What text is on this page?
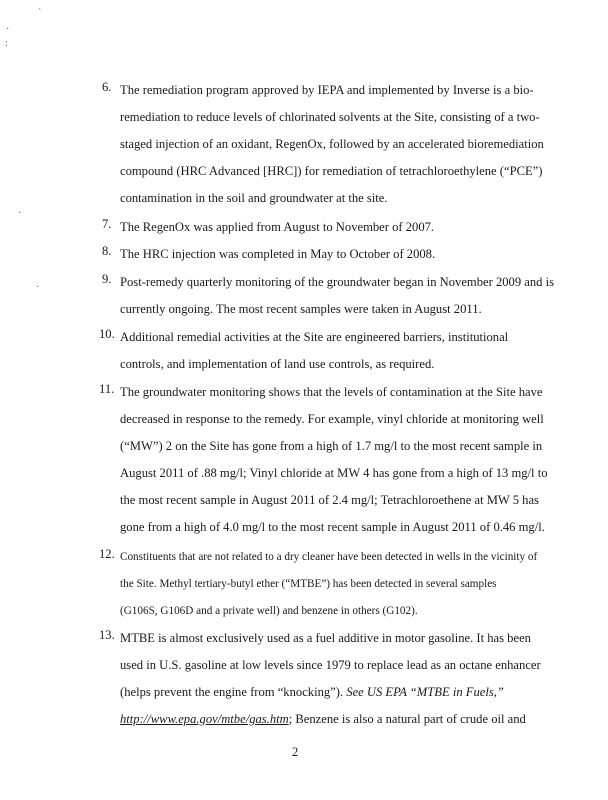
`
·
:
·
·
6. The remediation program approved by IEPA and implemented by Inverse is a bio-
remediation to reduce levels of chlorinated solvents at the Site, consisting of a two-
staged injection of an oxidant, RegenOx, followed by an accelerated bioremediation
compound (HRC Advanced [HRC]) for remediation of tetrachloroethylene (“PCE”)
contamination in the soil and groundwater at the site.
7. The RegenOx was applied from August to November of 2007.
8. The HRC injection was completed in May to October of 2008.
9. Post-remedy quarterly monitoring of the groundwater began in November 2009 and is
currently ongoing. The most recent samples were taken in August 2011.
10. Additional remedial activities at the Site are engineered barriers, institutional
controls, and implementation of land use controls, as required.
11. The groundwater monitoring shows that the levels of contamination at the Site have
decreased in response to the remedy. For example, vinyl chloride at monitoring well
(“MW”) 2 on the Site has gone from a high of 1.7 mg/l to the most recent sample in
August 2011 of .88 mg/l; Vinyl chloride at MW 4 has gone from a high of 13 mg/l to
the most recent sample in August 2011 of 2.4 mg/l; Tetrachloroethene at MW 5 has
gone from a high of 4.0 mg/l to the most recent sample in August 2011 of 0.46 mg/l.
12. Constituents that are not related to a dry cleaner have been detected in wells in the vicinity of
the Site. Methyl tertiary-butyl ether (“MTBE”) has been detected in several samples
(G106S, G106D and a private well) and benzene in others (G102).
13. MTBE is almost exclusively used as a fuel additive in motor gasoline. It has been
used in U.S. gasoline at low levels since 1979 to replace lead as an octane enhancer
(helps prevent the engine from “knocking”). See US EPA “MTBE in Fuels,”
http://www.epa.gov/mtbe/gas.htm; Benzene is also a natural part of crude oil and
2
